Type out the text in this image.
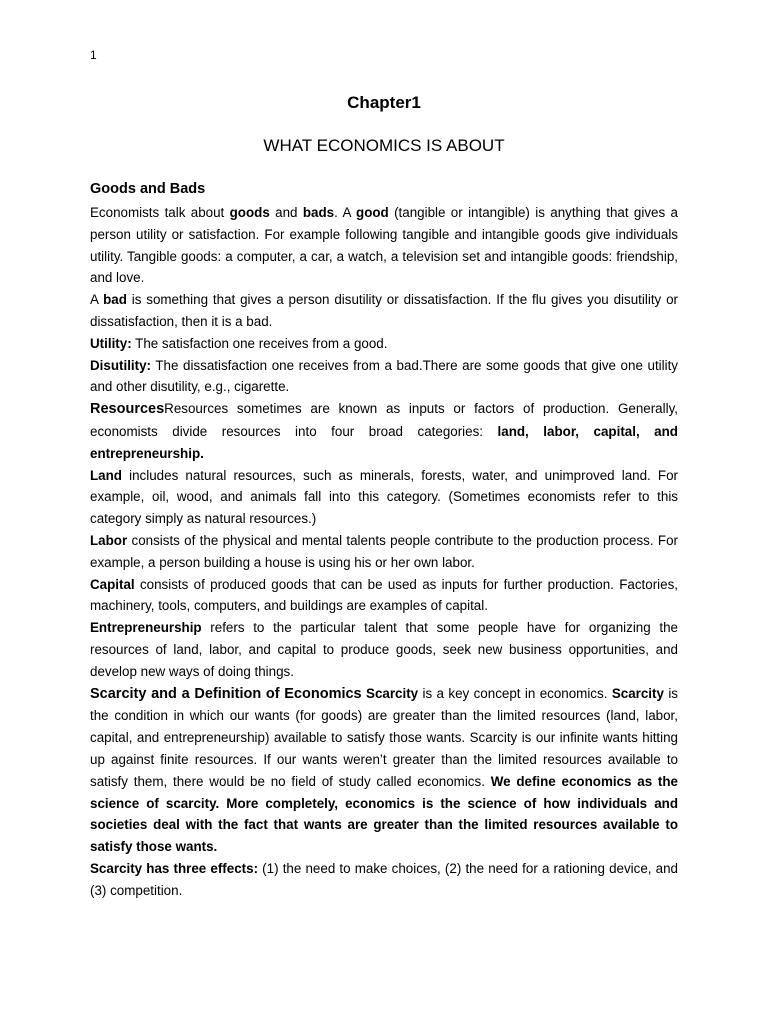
1
Chapter1
WHAT ECONOMICS IS ABOUT
Goods and Bads

Economists talk about goods and bads. A good (tangible or intangible) is anything that gives a person utility or satisfaction. For example following tangible and intangible goods give individuals utility. Tangible goods: a computer, a car, a watch, a television set and intangible goods: friendship, and love.

A bad is something that gives a person disutility or dissatisfaction. If the flu gives you disutility or dissatisfaction, then it is a bad.

Utility: The satisfaction one receives from a good.

Disutility: The dissatisfaction one receives from a bad.There are some goods that give one utility and other disutility, e.g., cigarette.

ResourcesResources sometimes are known as inputs or factors of production. Generally, economists divide resources into four broad categories: land, labor, capital, and entrepreneurship.

Land includes natural resources, such as minerals, forests, water, and unimproved land. For example, oil, wood, and animals fall into this category. (Sometimes economists refer to this category simply as natural resources.)

Labor consists of the physical and mental talents people contribute to the production process. For example, a person building a house is using his or her own labor.

Capital consists of produced goods that can be used as inputs for further production. Factories, machinery, tools, computers, and buildings are examples of capital.

Entrepreneurship refers to the particular talent that some people have for organizing the resources of land, labor, and capital to produce goods, seek new business opportunities, and develop new ways of doing things.

Scarcity and a Definition of Economics Scarcity is a key concept in economics. Scarcity is the condition in which our wants (for goods) are greater than the limited resources (land, labor, capital, and entrepreneurship) available to satisfy those wants. Scarcity is our infinite wants hitting up against finite resources. If our wants weren’t greater than the limited resources available to satisfy them, there would be no field of study called economics. We define economics as the science of scarcity. More completely, economics is the science of how individuals and societies deal with the fact that wants are greater than the limited resources available to satisfy those wants.

Scarcity has three effects: (1) the need to make choices, (2) the need for a rationing device, and (3) competition.
